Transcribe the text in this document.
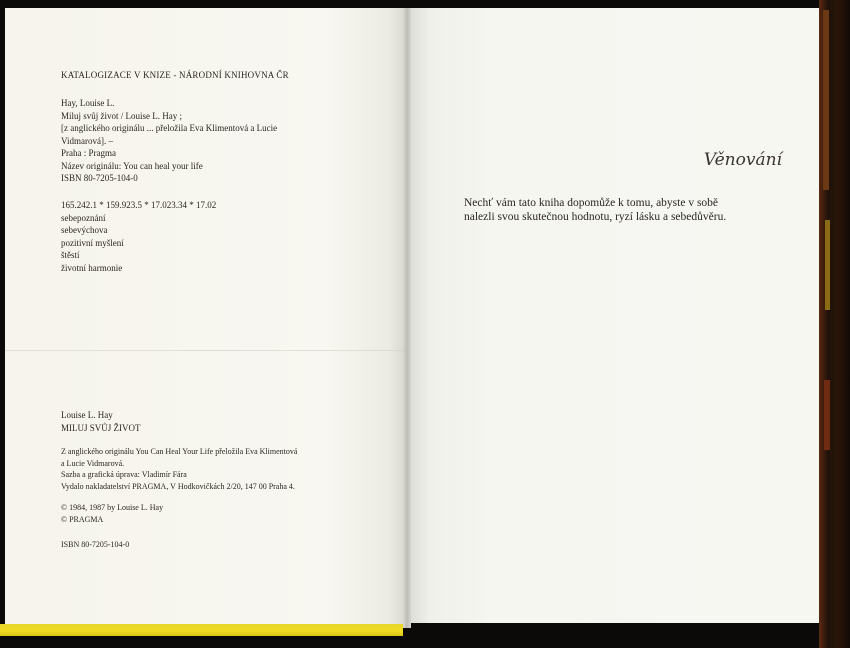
KATALOGIZACE V KNIZE - NÁRODNÍ KNIHOVNA ČR
Hay, Louise L.
Miluj svůj život / Louise L. Hay ;
[z anglického originálu ... přeložila Eva Klimentová a Lucie
Vidmarová]. –
Praha : Pragma
Název originálu: You can heal your life
ISBN 80-7205-104-0
165.242.1 * 159.923.5 * 17.023.34 * 17.02
sebepoznání
sebevýchova
pozitivní myšlení
štěstí
životní harmonie
Louise L. Hay
MILUJ SVŮJ ŽIVOT
Z anglického originálu You Can Heal Your Life přeložila Eva Klimentová
a Lucie Vidmarová.
Sazba a grafická úprava: Vladimír Fára
Vydalo nakladatelství PRAGMA, V Hodkovičkách 2/20, 147 00 Praha 4.
© 1984, 1987 by Louise L. Hay
© PRAGMA
ISBN 80-7205-104-0
Věnování
Nechť vám tato kniha dopomůže k tomu, abyste v sobě
nalezli svou skutečnou hodnotu, ryzí lásku a sebedůvěru.
